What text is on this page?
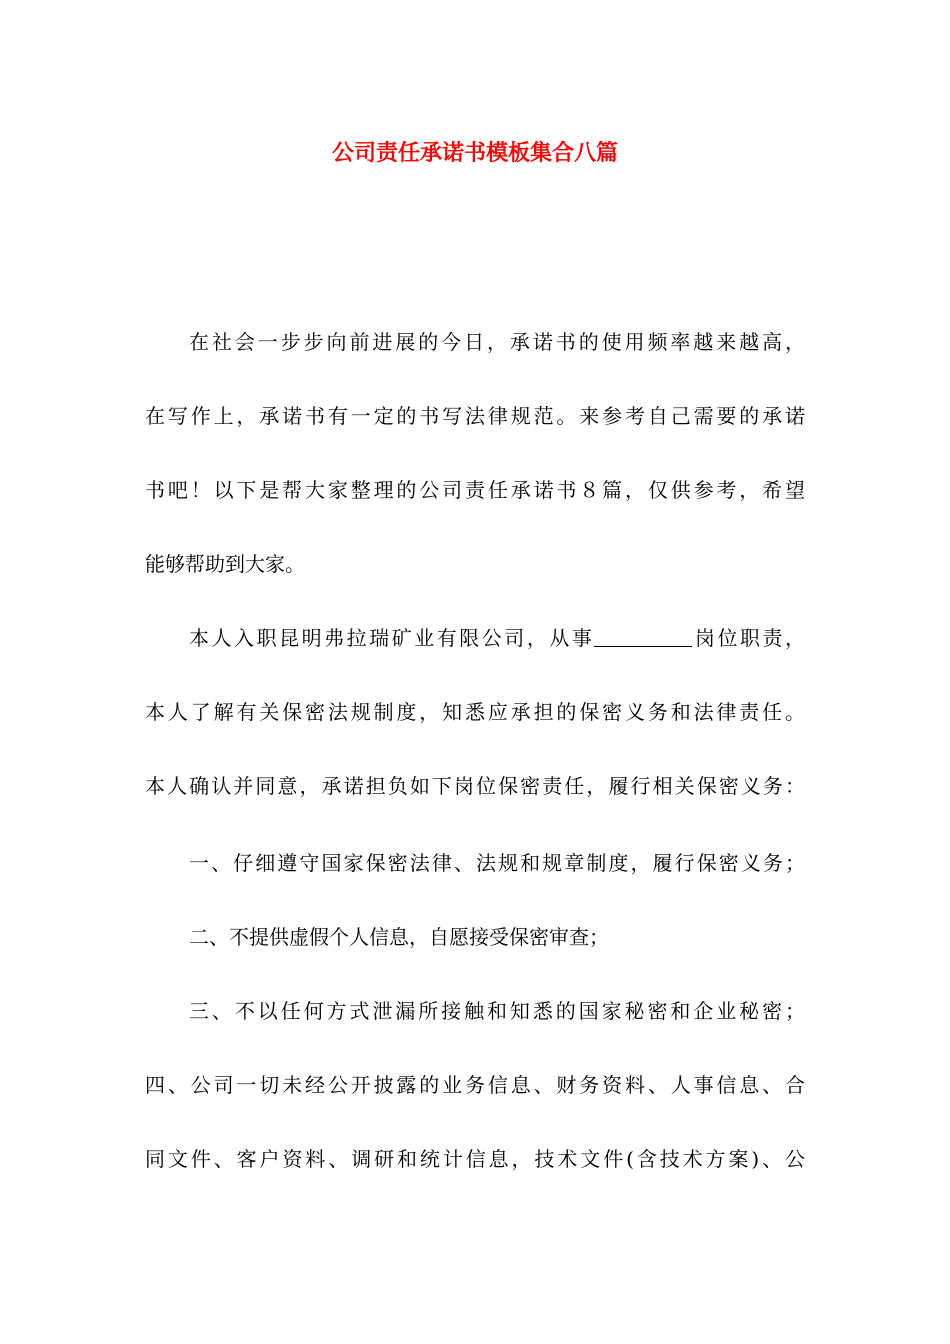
公司责任承诺书模板集合八篇

在社会一步步向前进展的今日，承诺书的使用频率越来越高，

在写作上，承诺书有一定的书写法律规范。来参考自己需要的承诺

书吧！以下是帮大家整理的公司责任承诺书８篇，仅供参考，希望

能够帮助到大家。

本人入职昆明弗拉瑞矿业有限公司，从事	岗位职责，

本人了解有关保密法规制度，知悉应承担的保密义务和法律责任。

本人确认并同意，承诺担负如下岗位保密责任，履行相关保密义务：

一、仔细遵守国家保密法律、法规和规章制度，履行保密义务；

二、不提供虚假个人信息，自愿接受保密审查；

三、不以任何方式泄漏所接触和知悉的国家秘密和企业秘密；

四、公司一切未经公开披露的业务信息、财务资料、人事信息、合

同文件、客户资料、调研和统计信息，技术文件(含技术方案)、公
